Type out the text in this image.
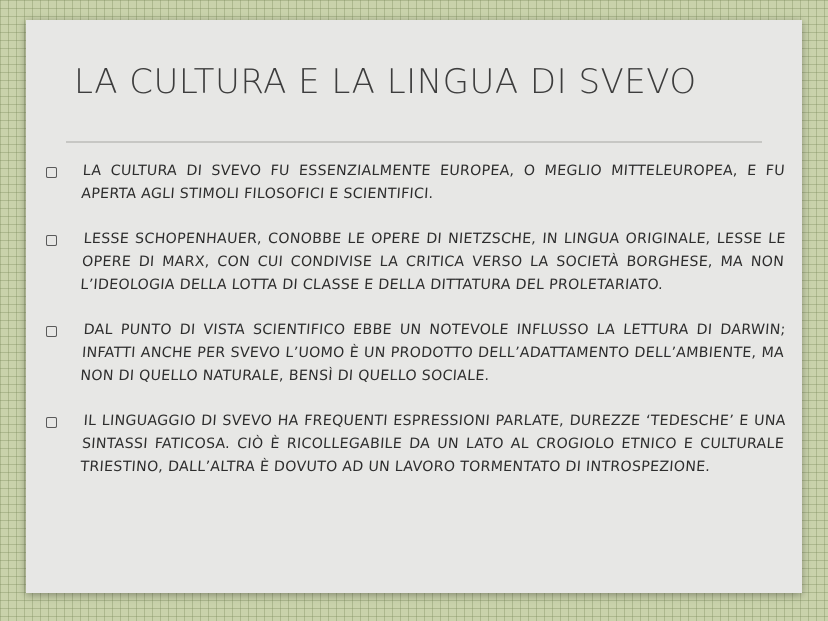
LA CULTURA E LA LINGUA DI SVEVO
LA CULTURA DI SVEVO FU ESSENZIALMENTE EUROPEA, O MEGLIO MITTELEUROPEA, E FU APERTA AGLI STIMOLI FILOSOFICI E SCIENTIFICI.
LESSE SCHOPENHAUER, CONOBBE LE OPERE DI NIETZSCHE, IN LINGUA ORIGINALE, LESSE LE OPERE DI MARX, CON CUI CONDIVISE LA CRITICA VERSO LA SOCIETÀ BORGHESE, MA NON L’IDEOLOGIA DELLA LOTTA DI CLASSE E DELLA DITTATURA DEL PROLETARIATO.
DAL PUNTO DI VISTA SCIENTIFICO EBBE UN NOTEVOLE INFLUSSO LA LETTURA DI DARWIN; INFATTI ANCHE PER SVEVO L’UOMO È UN PRODOTTO DELL’ADATTAMENTO DELL’AMBIENTE, MA NON DI QUELLO NATURALE, BENSÌ DI QUELLO SOCIALE.
IL LINGUAGGIO DI SVEVO HA FREQUENTI ESPRESSIONI PARLATE, DUREZZE ‘TEDESCHE’ E UNA SINTASSI FATICOSA. CIÒ È RICOLLEGABILE DA UN LATO AL CROGIOLO ETNICO E CULTURALE TRIESTINO, DALL’ALTRA È DOVUTO AD UN LAVORO TORMENTATO DI INTROSPEZIONE.
